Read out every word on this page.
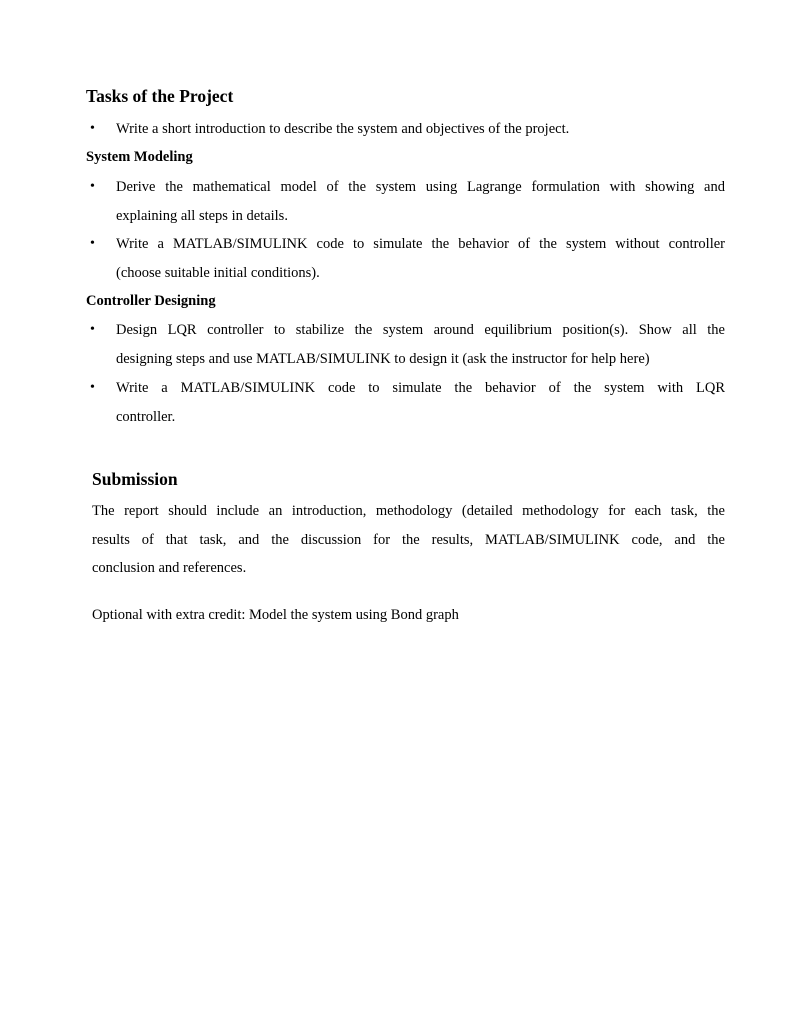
Tasks of the Project
• Write a short introduction to describe the system and objectives of the project.
System Modeling
• Derive the mathematical model of the system using Lagrange formulation with showing and
explaining all steps in details.
• Write a MATLAB/SIMULINK code to simulate the behavior of the system without controller
(choose suitable initial conditions).
Controller Designing
• Design LQR controller to stabilize the system around equilibrium position(s). Show all the
designing steps and use MATLAB/SIMULINK to design it (ask the instructor for help here)
• Write a MATLAB/SIMULINK code to simulate the behavior of the system with LQR
controller.
Submission

The report should include an introduction, methodology (detailed methodology for each task, the
results of that task, and the discussion for the results, MATLAB/SIMULINK code, and the
conclusion and references.

Optional with extra credit: Model the system using Bond graph
